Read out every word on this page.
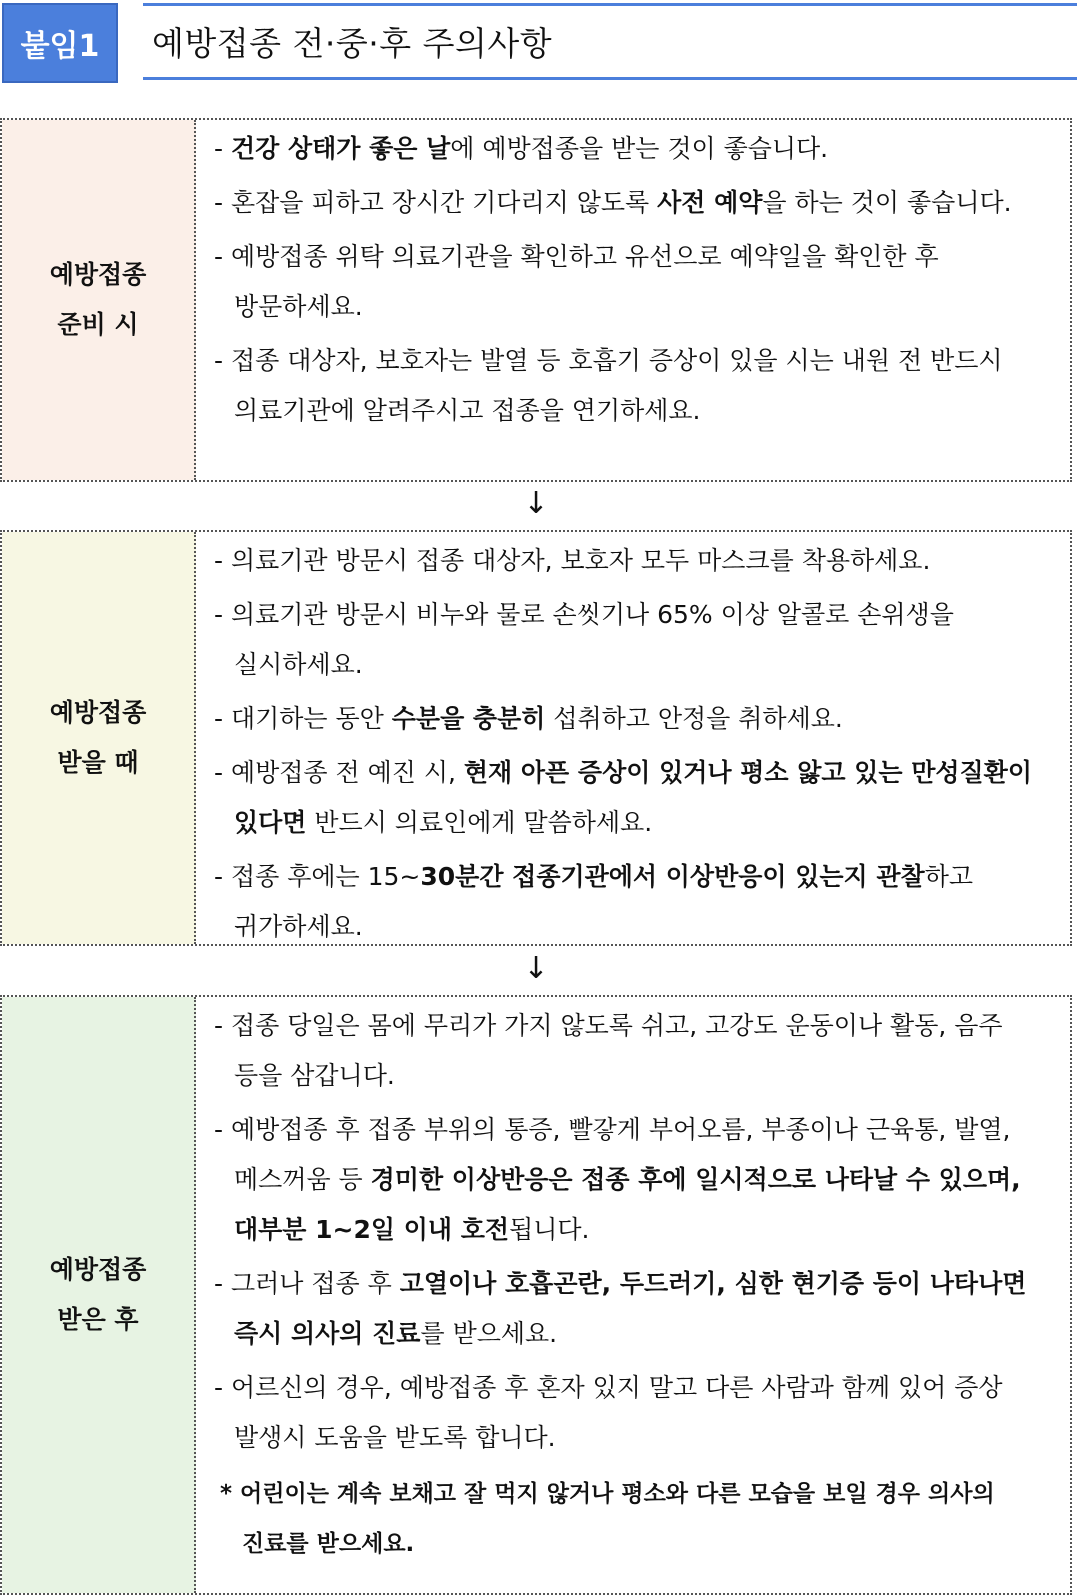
붙임1	예방접종 전·중·후 주의사항
예방접종
준비 시
- 건강 상태가 좋은 날에 예방접종을 받는 것이 좋습니다.
- 혼잡을 피하고 장시간 기다리지 않도록 사전 예약을 하는 것이 좋습니다.
- 예방접종 위탁 의료기관을 확인하고 유선으로 예약일을 확인한 후 방문하세요.
- 접종 대상자, 보호자는 발열 등 호흡기 증상이 있을 시는 내원 전 반드시 의료기관에 알려주시고 접종을 연기하세요.
↓
예방접종
받을 때
- 의료기관 방문시 접종 대상자, 보호자 모두 마스크를 착용하세요.
- 의료기관 방문시 비누와 물로 손씻기나 65% 이상 알콜로 손위생을 실시하세요.
- 대기하는 동안 수분을 충분히 섭취하고 안정을 취하세요.
- 예방접종 전 예진 시, 현재 아픈 증상이 있거나 평소 앓고 있는 만성질환이 있다면 반드시 의료인에게 말씀하세요.
- 접종 후에는 15~30분간 접종기관에서 이상반응이 있는지 관찰하고 귀가하세요.
↓
예방접종
받은 후
- 접종 당일은 몸에 무리가 가지 않도록 쉬고, 고강도 운동이나 활동, 음주 등을 삼갑니다.
- 예방접종 후 접종 부위의 통증, 빨갛게 부어오름, 부종이나 근육통, 발열, 메스꺼움 등 경미한 이상반응은 접종 후에 일시적으로 나타날 수 있으며, 대부분 1~2일 이내 호전됩니다.
- 그러나 접종 후 고열이나 호흡곤란, 두드러기, 심한 현기증 등이 나타나면 즉시 의사의 진료를 받으세요.
- 어르신의 경우, 예방접종 후 혼자 있지 말고 다른 사람과 함께 있어 증상 발생시 도움을 받도록 합니다.
* 어린이는 계속 보채고 잘 먹지 않거나 평소와 다른 모습을 보일 경우 의사의 진료를 받으세요.
